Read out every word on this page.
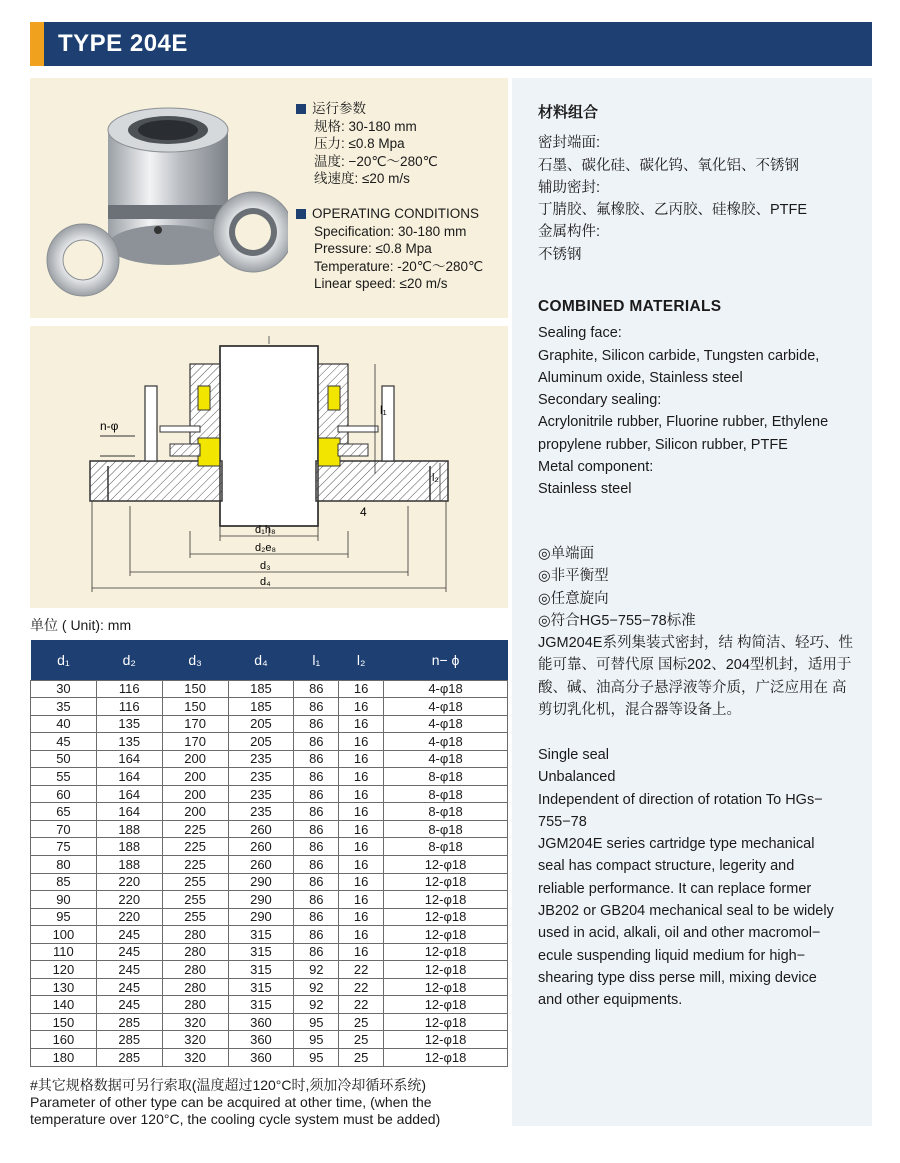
TYPE 204E
运行参数
规格: 30-180 mm
压力: ≤0.8 Mpa
温度: −20℃～280℃
线速度: ≤20 m/s
OPERATING CONDITIONS
Specification: 30-180 mm
Pressure: ≤0.8 Mpa
Temperature: -20℃～280℃
Linear speed: ≤20 m/s
n-φ
l₁
l₂
4
d₁h₈
d₂e₈
d₃
d₄
单位 ( Unit): mm
d₁	d₂	d₃	d₄	l₁	l₂	n− ϕ
30	116	150	185	86	16	4-φ18
35	116	150	185	86	16	4-φ18
40	135	170	205	86	16	4-φ18
45	135	170	205	86	16	4-φ18
50	164	200	235	86	16	4-φ18
55	164	200	235	86	16	8-φ18
60	164	200	235	86	16	8-φ18
65	164	200	235	86	16	8-φ18
70	188	225	260	86	16	8-φ18
75	188	225	260	86	16	8-φ18
80	188	225	260	86	16	12-φ18
85	220	255	290	86	16	12-φ18
90	220	255	290	86	16	12-φ18
95	220	255	290	86	16	12-φ18
100	245	280	315	86	16	12-φ18
110	245	280	315	86	16	12-φ18
120	245	280	315	92	22	12-φ18
130	245	280	315	92	22	12-φ18
140	245	280	315	92	22	12-φ18
150	285	320	360	95	25	12-φ18
160	285	320	360	95	25	12-φ18
180	285	320	360	95	25	12-φ18
#其它规格数据可另行索取(温度超过120°C时,须加冷却循环系统)
Parameter of other type can be acquired at other time, (when the
temperature over 120°C, the cooling cycle system must be added)
材料组合
密封端面:
石墨、碳化硅、碳化钨、氧化铝、不锈钢
辅助密封:
丁腈胶、氟橡胶、乙丙胶、硅橡胶、PTFE
金属构件:
不锈钢
COMBINED MATERIALS
Sealing face:
Graphite, Silicon carbide, Tungsten carbide,
Aluminum oxide, Stainless steel
Secondary sealing:
Acrylonitrile rubber, Fluorine rubber, Ethylene
propylene rubber, Silicon rubber, PTFE
Metal component:
Stainless steel
◎单端面
◎非平衡型
◎任意旋向
◎符合HG5−755−78标准
JGM204E系列集装式密封，结 构简洁、轻巧、性
能可靠、可替代原 国标202、204型机封，适用于
酸、碱、油高分子悬浮液等介质，广泛应用在 高
剪切乳化机，混合器等设备上。
Single seal
Unbalanced
Independent of direction of rotation To HGs−
755−78
JGM204E series cartridge type mechanical
seal has compact structure, legerity and
reliable performance. It can replace former
JB202 or GB204 mechanical seal to be widely
used in acid, alkali, oil and other macromol−
ecule suspending liquid medium for high−
shearing type diss perse mill, mixing device
and other equipments.
